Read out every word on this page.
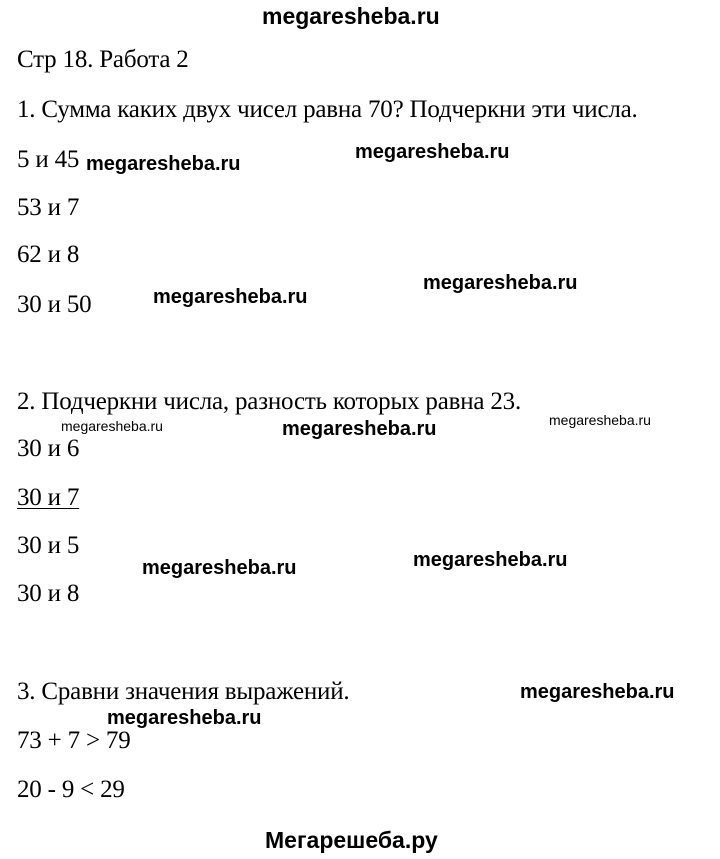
megaresheba.ru
Стр 18. Работа 2
1. Сумма каких двух чисел равна 70? Подчеркни эти числа.
5 и 45
53 и 7
62 и 8
30 и 50
2. Подчеркни числа, разность которых равна 23.
30 и 6
30 и 7
30 и 5
30 и 8
3. Сравни значения выражений.
73 + 7 > 79
20 - 9 < 29
megaresheba.ru
megaresheba.ru
megaresheba.ru
megaresheba.ru
megaresheba.ru	megaresheba.ru	megaresheba.ru
megaresheba.ru
megaresheba.ru
megaresheba.ru
megaresheba.ru
Мегарешеба.ру
